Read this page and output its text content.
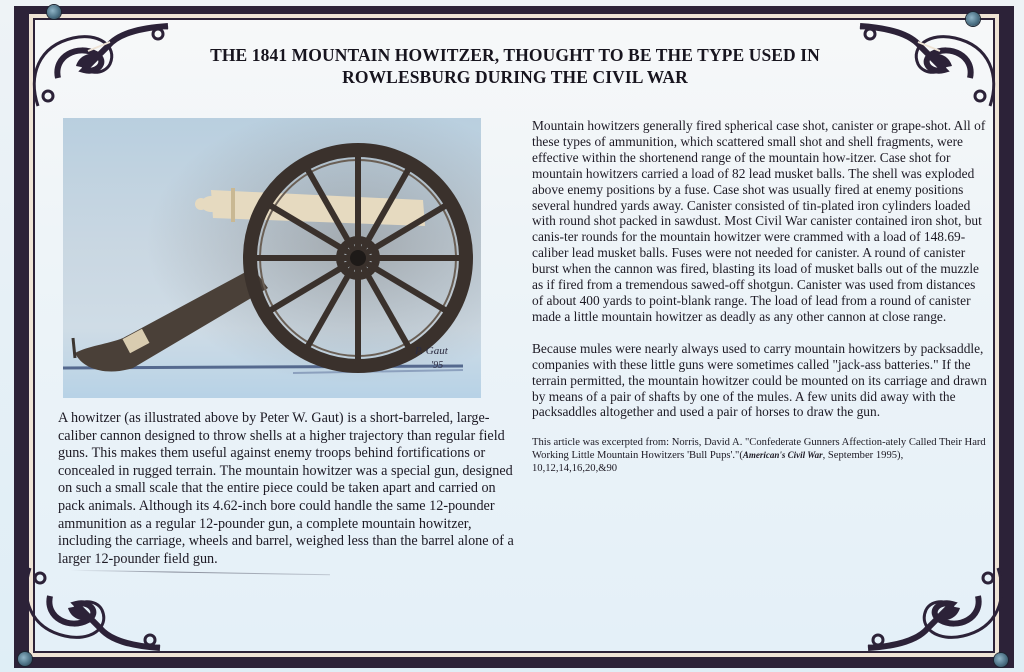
THE 1841 MOUNTAIN HOWITZER, THOUGHT TO BE THE TYPE USED IN
ROWLESBURG DURING THE CIVIL WAR
P. Gaut
'95

A howitzer (as illustrated above by Peter W. Gaut) is a short-barreled, large-caliber cannon designed to throw shells at a higher trajectory than regular field guns. This makes them useful against enemy troops behind fortifications or concealed in rugged terrain. The mountain howitzer was a special gun, designed on such a small scale that the entire piece could be taken apart and carried on pack animals. Although its 4.62-inch bore could handle the same 12-pounder ammunition as a regular 12-pounder gun, a complete mountain howitzer, including the carriage, wheels and barrel, weighed less than the barrel alone of a larger 12-pounder field gun.

Mountain howitzers generally fired spherical case shot, canister or grape-shot. All of these types of ammunition, which scattered small shot and shell fragments, were effective within the shortenend range of the mountain how-itzer. Case shot for mountain howitzers carried a load of 82 lead musket balls. The shell was exploded above enemy positions by a fuse. Case shot was usually fired at enemy positions several hundred yards away. Canister consisted of tin-plated iron cylinders loaded with round shot packed in sawdust. Most Civil War canister contained iron shot, but canis-ter rounds for the mountain howitzer were crammed with a load of 148.69-caliber lead musket balls. Fuses were not needed for canister. A round of canister burst when the cannon was fired, blasting its load of musket balls out of the muzzle as if fired from a tremendous sawed-off shotgun. Canister was used from distances of about 400 yards to point-blank range. The load of lead from a round of canister made a little mountain howitzer as deadly as any other cannon at close range.

Because mules were nearly always used to carry mountain howitzers by packsaddle, companies with these little guns were sometimes called "jack-ass batteries." If the terrain permitted, the mountain howitzer could be mounted on its carriage and drawn by means of a pair of shafts by one of the mules. A few units did away with the packsaddles altogether and used a pair of horses to draw the gun.

This article was excerpted from: Norris, David A. "Confederate Gunners Affection-ately Called Their Hard Working Little Mountain Howitzers 'Bull Pups'."(American's Civil War, September 1995), 10,12,14,16,20,&90
